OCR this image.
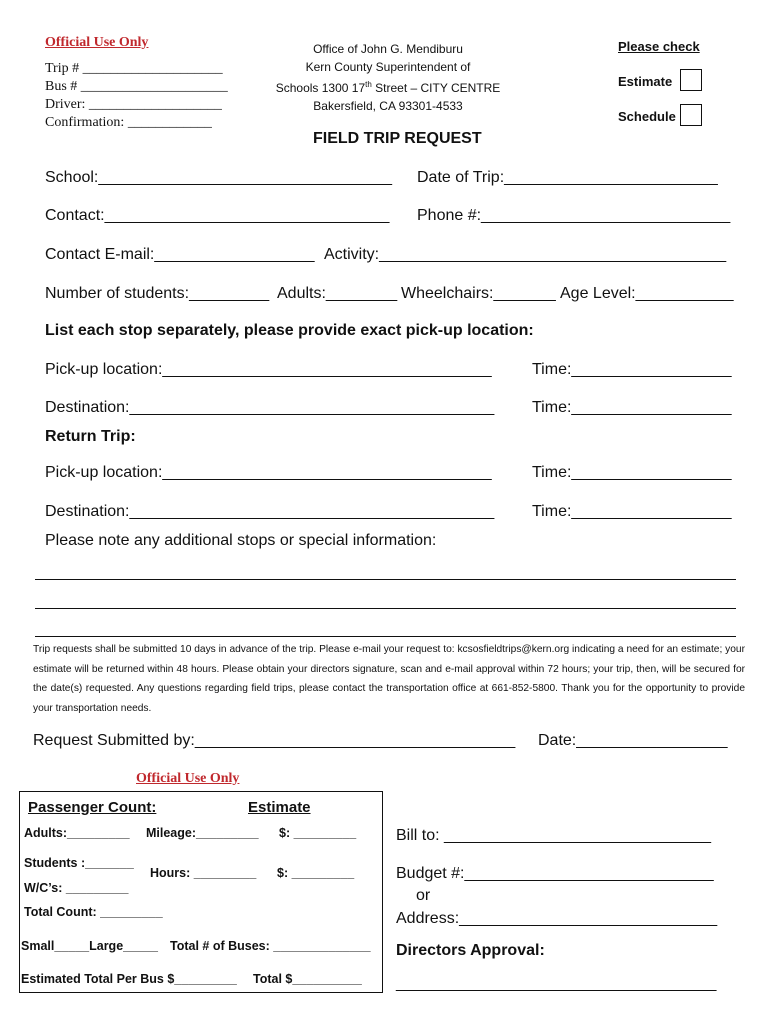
Official Use Only
Trip # ____________________
Bus # _____________________
Driver: ___________________
Confirmation: ____________
Office of John G. Mendiburu
Kern County Superintendent of
Schools 1300 17th Street – CITY CENTRE
Bakersfield, CA 93301-4533
Please check
Estimate
Schedule
FIELD TRIP REQUEST
School:_________________________________ Date of Trip:________________________
Contact:________________________________ Phone #:____________________________
Contact E-mail:__________________ Activity:_______________________________________
Number of students:_________ Adults:________ Wheelchairs:_______ Age Level:___________
List each stop separately, please provide exact pick-up location:
Pick-up location:_____________________________________	Time:__________________
Destination:_________________________________________ Time:__________________
Return Trip:
Pick-up location:_____________________________________	Time:__________________
Destination:_________________________________________ Time:__________________
Please note any additional stops or special information:
Trip requests shall be submitted 10 days in advance of the trip. Please e-mail your request to: kcsosfieldtrips@kern.org indicating a need for an estimate; your estimate will be returned within 48 hours. Please obtain your directors signature, scan and e-mail approval within 72 hours; your trip, then, will be secured for the date(s) requested. Any questions regarding field trips, please contact the transportation office at 661-852-5800. Thank you for the opportunity to provide your transportation needs.
Request Submitted by:____________________________________ Date:_________________
Official Use Only
Passenger Count:	Estimate
Adults:_________ Mileage:_________ $: _________
Students :_______
Hours: _________ $: _________
W/C’s: _________
Total Count: _________
Small_____Large_____ Total # of Buses: ______________
Estimated Total Per Bus $_________ Total $__________
Bill to: ______________________________
Budget #:____________________________
or
Address:_____________________________
Directors Approval:
____________________________________
